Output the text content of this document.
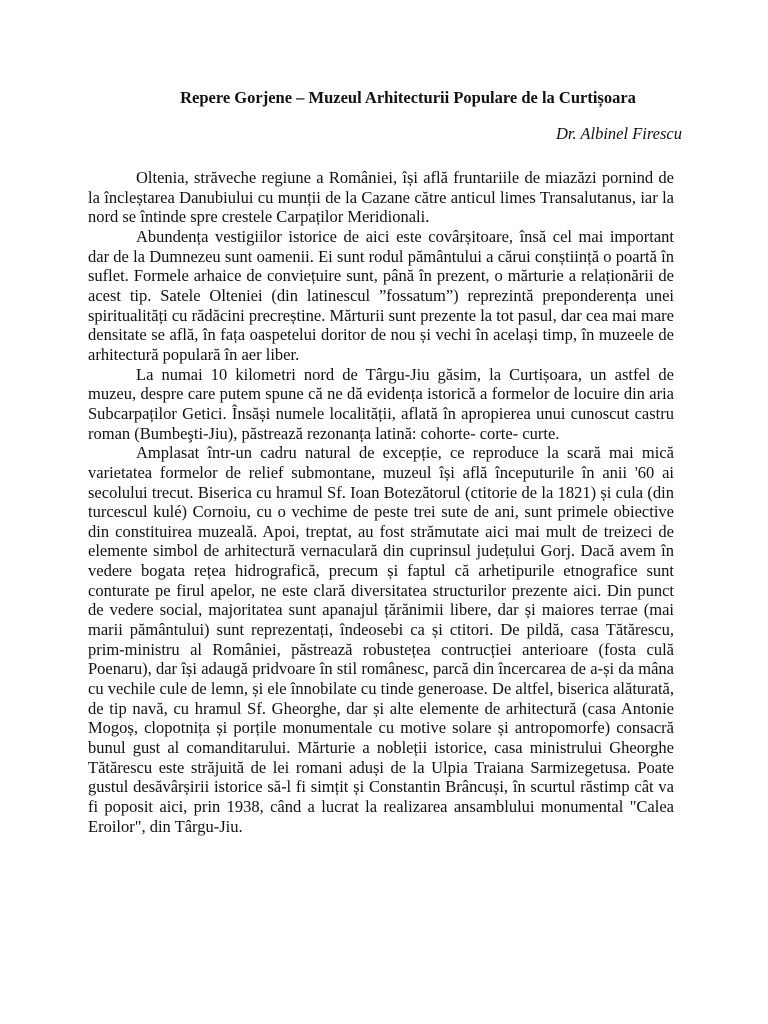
Repere Gorjene – Muzeul Arhitecturii Populare de la Curtișoara

Dr. Albinel Firescu

Oltenia, străveche regiune a României, își află fruntariile de miazăzi pornind de la încleștarea Danubiului cu munții de la Cazane către anticul limes Transalutanus, iar la nord se întinde spre crestele Carpaților Meridionali.

Abundența vestigiilor istorice de aici este covârșitoare, însă cel mai important dar de la Dumnezeu sunt oamenii. Ei sunt rodul pământului a cărui conștiință o poartă în suflet. Formele arhaice de conviețuire sunt, până în prezent, o mărturie a relaționării de acest tip. Satele Olteniei (din latinescul ”fossatum”) reprezintă preponderența unei spiritualități cu rădăcini precreștine. Mărturii sunt prezente la tot pasul, dar cea mai mare densitate se află, în fața oaspetelui doritor de nou și vechi în același timp, în muzeele de arhitectură populară în aer liber.

La numai 10 kilometri nord de Târgu-Jiu găsim, la Curtișoara, un astfel de muzeu, despre care putem spune că ne dă evidența istorică a formelor de locuire din aria Subcarpaților Getici. Însăși numele localității, aflată în apropierea unui cunoscut castru roman (Bumbeşti-Jiu), păstrează rezonanța latină: cohorte- corte- curte.

Amplasat într-un cadru natural de excepție, ce reproduce la scară mai mică varietatea formelor de relief submontane, muzeul își află începuturile în anii '60 ai secolului trecut. Biserica cu hramul Sf. Ioan Botezătorul (ctitorie de la 1821) și cula (din turcescul kulé) Cornoiu, cu o vechime de peste trei sute de ani, sunt primele obiective din constituirea muzeală. Apoi, treptat, au fost strămutate aici mai mult de treizeci de elemente simbol de arhitectură vernaculară din cuprinsul județului Gorj. Dacă avem în vedere bogata rețea hidrografică, precum și faptul că arhetipurile etnografice sunt conturate pe firul apelor, ne este clară diversitatea structurilor prezente aici. Din punct de vedere social, majoritatea sunt apanajul țărănimii libere, dar și maiores terrae (mai marii pământului) sunt reprezentați, îndeosebi ca și ctitori. De pildă, casa Tătărescu, prim-ministru al României, păstrează robustețea contrucției anterioare (fosta culă Poenaru), dar își adaugă pridvoare în stil românesc, parcă din încercarea de a-și da mâna cu vechile cule de lemn, și ele înnobilate cu tinde generoase. De altfel, biserica alăturată, de tip navă, cu hramul Sf. Gheorghe, dar și alte elemente de arhitectură (casa Antonie Mogoș, clopotnița și porțile monumentale cu motive solare și antropomorfe) consacră bunul gust al comanditarului. Mărturie a nobleții istorice, casa ministrului Gheorghe Tătărescu este străjuită de lei romani aduși de la Ulpia Traiana Sarmizegetusa. Poate gustul desăvârșirii istorice să-l fi simțit și Constantin Brâncuși, în scurtul răstimp cât va fi poposit aici, prin 1938, când a lucrat la realizarea ansamblului monumental "Calea Eroilor", din Târgu-Jiu.
